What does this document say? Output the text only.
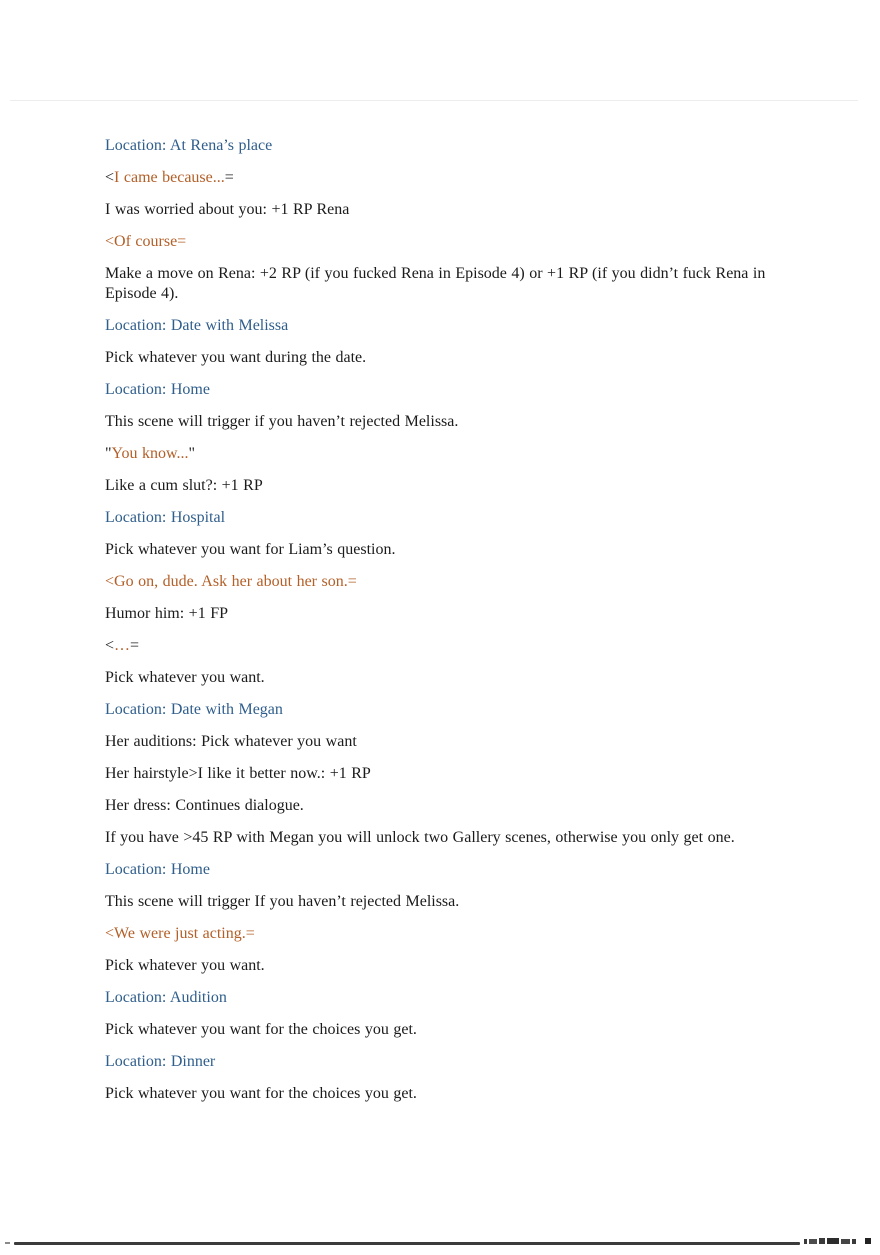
Location: At Rena’s place

<I came because...=

I was worried about you: +1 RP Rena

<Of course=

Make a move on Rena: +2 RP (if you fucked Rena in Episode 4) or +1 RP (if you didn’t fuck Rena in Episode 4).

Location: Date with Melissa

Pick whatever you want during the date.

Location: Home

This scene will trigger if you haven’t rejected Melissa.

"You know..."

Like a cum slut?: +1 RP

Location: Hospital

Pick whatever you want for Liam’s question.

<Go on, dude. Ask her about her son.=

Humor him: +1 FP

<…=

Pick whatever you want.

Location: Date with Megan

Her auditions: Pick whatever you want

Her hairstyle>I like it better now.: +1 RP

Her dress: Continues dialogue.

If you have >45 RP with Megan you will unlock two Gallery scenes, otherwise you only get one.

Location: Home

This scene will trigger If you haven’t rejected Melissa.

<We were just acting.=

Pick whatever you want.

Location: Audition

Pick whatever you want for the choices you get.

Location: Dinner

Pick whatever you want for the choices you get.
